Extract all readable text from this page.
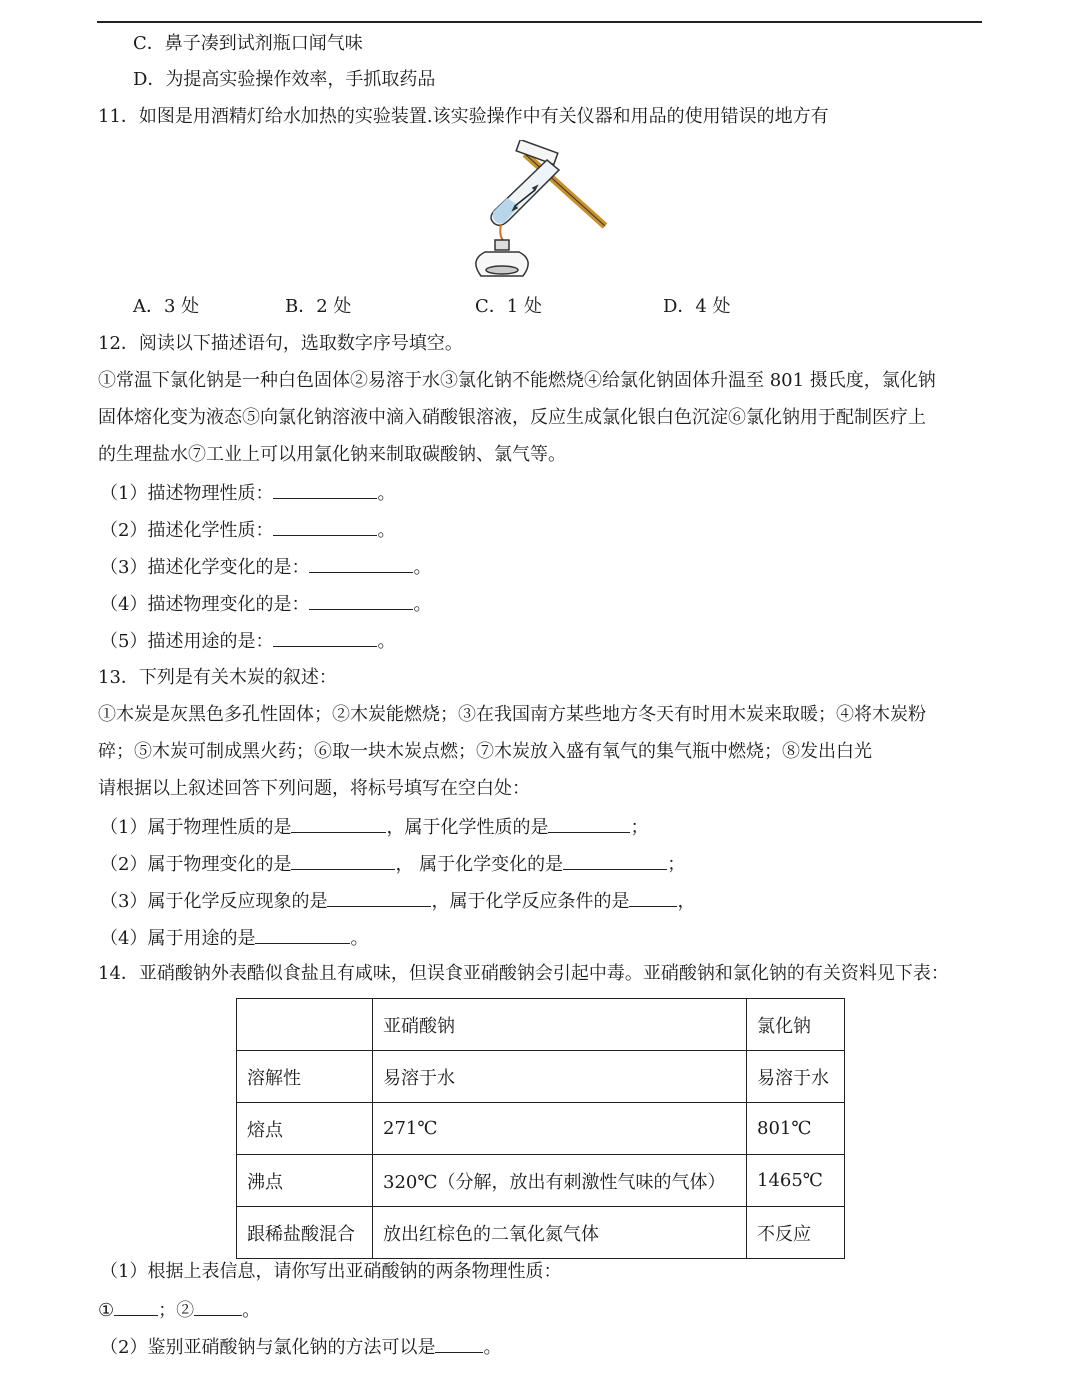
C．鼻子凑到试剂瓶口闻气味
D．为提高实验操作效率，手抓取药品
11．如图是用酒精灯给水加热的实验装置.该实验操作中有关仪器和用品的使用错误的地方有
A．3 处	B．2 处	C．1 处	D．4 处
12．阅读以下描述语句，选取数字序号填空。
①常温下氯化钠是一种白色固体②易溶于水③氯化钠不能燃烧④给氯化钠固体升温至 801 摄氏度，氯化钠
固体熔化变为液态⑤向氯化钠溶液中滴入硝酸银溶液，反应生成氯化银白色沉淀⑥氯化钠用于配制医疗上
的生理盐水⑦工业上可以用氯化钠来制取碳酸钠、氯气等。
（1）描述物理性质：	。
（2）描述化学性质：	。
（3）描述化学变化的是：	。
（4）描述物理变化的是：	。
（5）描述用途的是：	。
13．下列是有关木炭的叙述：
①木炭是灰黑色多孔性固体；②木炭能燃烧；③在我国南方某些地方冬天有时用木炭来取暖；④将木炭粉
碎；⑤木炭可制成黑火药；⑥取一块木炭点燃；⑦木炭放入盛有氧气的集气瓶中燃烧；⑧发出白光
请根据以上叙述回答下列问题，将标号填写在空白处：
（1）属于物理性质的是	，属于化学性质的是	；
（2）属于物理变化的是	， 属于化学变化的是	；
（3）属于化学反应现象的是	，属于化学反应条件的是	，
（4）属于用途的是	。
14．亚硝酸钠外表酷似食盐且有咸味，但误食亚硝酸钠会引起中毒。亚硝酸钠和氯化钠的有关资料见下表：
	亚硝酸钠	氯化钠
溶解性	易溶于水	易溶于水
熔点	271℃	801℃
沸点	320℃（分解，放出有刺激性气味的气体）	1465℃
跟稀盐酸混合	放出红棕色的二氧化氮气体	不反应
（1）根据上表信息，请你写出亚硝酸钠的两条物理性质：
① ；②	。
（2）鉴别亚硝酸钠与氯化钠的方法可以是	。
